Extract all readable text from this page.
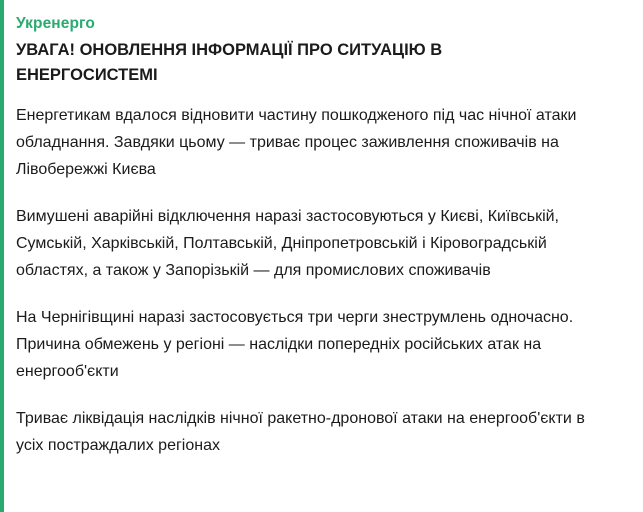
Укренерго
УВАГА! ОНОВЛЕННЯ ІНФОРМАЦІЇ ПРО СИТУАЦІЮ В ЕНЕРГОСИСТЕМІ

Енергетикам вдалося відновити частину пошкодженого під час нічної атаки обладнання. Завдяки цьому — триває процес заживлення споживачів на Лівобережжі Києва

Вимушені аварійні відключення наразі застосовуються у Києві, Київській, Сумській, Харківській, Полтавській, Дніпропетровській і Кіровоградській областях, а також у Запорізькій — для промислових споживачів

На Чернігівщині наразі застосовується три черги знеструмлень одночасно. Причина обмежень у регіоні — наслідки попередніх російських атак на енергооб'єкти

Триває ліквідація наслідків нічної ракетно-дронової атаки на енергооб'єкти в усіх постраждалих регіонах
